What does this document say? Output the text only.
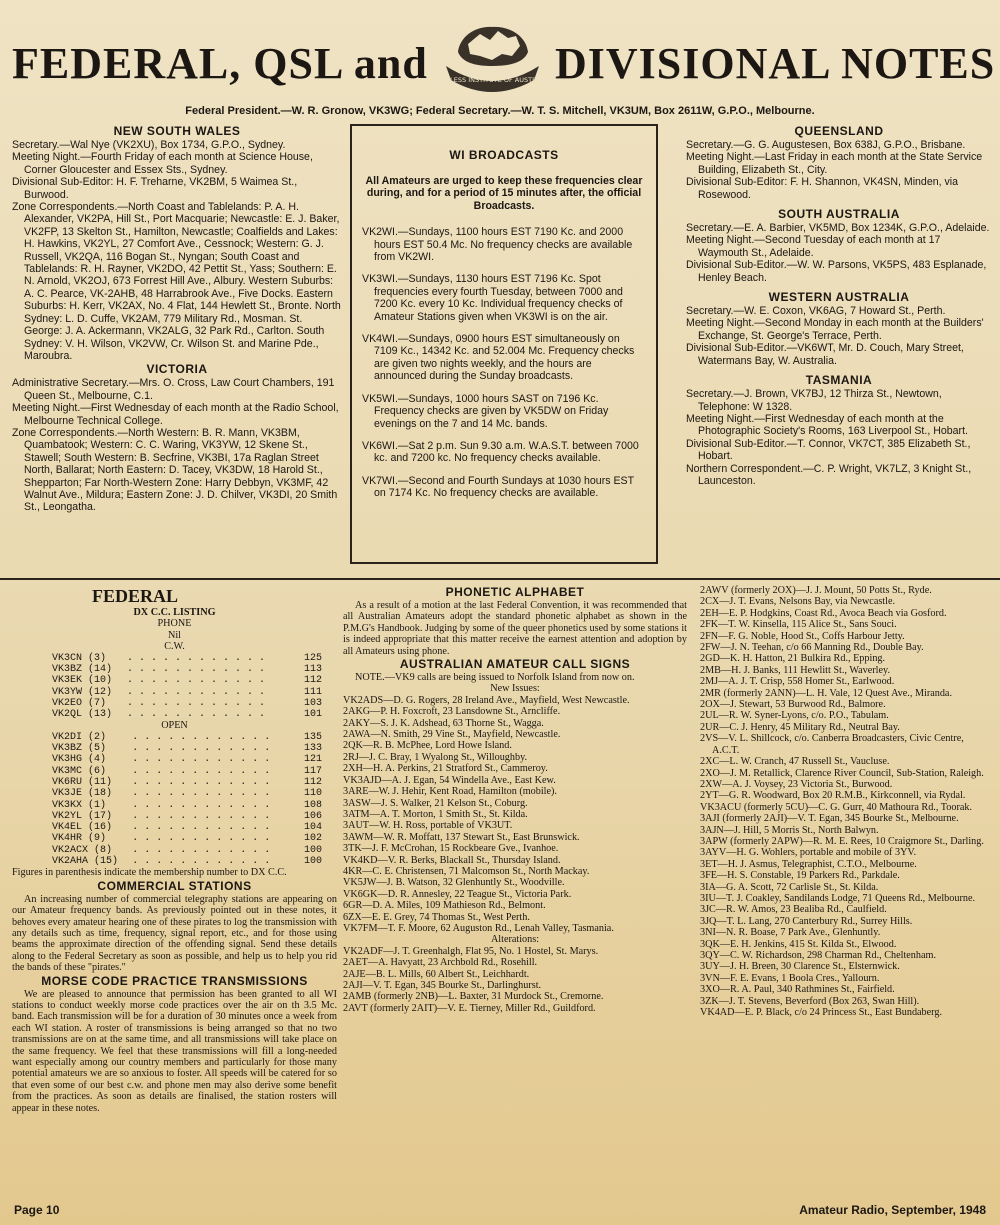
FEDERAL, QSL and WIRELESS INSTITUTE OF AUSTRALIA DIVISIONAL NOTES
Federal President.—W. R. Gronow, VK3WG; Federal Secretary.—W. T. S. Mitchell, VK3UM, Box 2611W, G.P.O., Melbourne.
NEW SOUTH WALES

Secretary.—Wal Nye (VK2XU), Box 1734, G.P.O., Sydney.

Meeting Night.—Fourth Friday of each month at Science House, Corner Gloucester and Essex Sts., Sydney.

Divisional Sub-Editor: H. F. Treharne, VK2BM, 5 Waimea St., Burwood.

Zone Correspondents.—North Coast and Tablelands: P. A. H. Alexander, VK2PA, Hill St., Port Macquarie; Newcastle: E. J. Baker, VK2FP, 13 Skelton St., Hamilton, Newcastle; Coalfields and Lakes: H. Hawkins, VK2YL, 27 Comfort Ave., Cessnock; Western: G. J. Russell, VK2QA, 116 Bogan St., Nyngan; South Coast and Tablelands: R. H. Rayner, VK2DO, 42 Pettit St., Yass; Southern: E. N. Arnold, VK2OJ, 673 Forrest Hill Ave., Albury. Western Suburbs: A. C. Pearce, VK-2AHB, 48 Harrabrook Ave., Five Docks. Eastern Suburbs: H. Kerr, VK2AX, No. 4 Flat, 144 Hewlett St., Bronte. North Sydney: L. D. Cuffe, VK2AM, 779 Military Rd., Mosman. St. George: J. A. Ackermann, VK2ALG, 32 Park Rd., Carlton. South Sydney: V. H. Wilson, VK2VW, Cr. Wilson St. and Marine Pde., Maroubra.

VICTORIA

Administrative Secretary.—Mrs. O. Cross, Law Court Chambers, 191 Queen St., Melbourne, C.1.

Meeting Night.—First Wednesday of each month at the Radio School, Melbourne Technical College.

Zone Correspondents.—North Western: B. R. Mann, VK3BM, Quambatook; Western: C. C. Waring, VK3YW, 12 Skene St., Stawell; South Western: B. Secfrine, VK3BI, 17a Raglan Street North, Ballarat; North Eastern: D. Tacey, VK3DW, 18 Harold St., Shepparton; Far North-Western Zone: Harry Debbyn, VK3MF, 42 Walnut Ave., Mildura; Eastern Zone: J. D. Chilver, VK3DI, 20 Smith St., Leongatha.

WI BROADCASTS

All Amateurs are urged to keep these frequencies clear during, and for a period of 15 minutes after, the official Broadcasts.

VK2WI.—Sundays, 1100 hours EST 7190 Kc. and 2000 hours EST 50.4 Mc. No frequency checks are available from VK2WI.

VK3WI.—Sundays, 1130 hours EST 7196 Kc. Spot frequencies every fourth Tuesday, between 7000 and 7200 Kc. every 10 Kc. Individual frequency checks of Amateur Stations given when VK3WI is on the air.

VK4WI.—Sundays, 0900 hours EST simultaneously on 7109 Kc., 14342 Kc. and 52.004 Mc. Frequency checks are given two nights weekly, and the hours are announced during the Sunday broadcasts.

VK5WI.—Sundays, 1000 hours SAST on 7196 Kc. Frequency checks are given by VK5DW on Friday evenings on the 7 and 14 Mc. bands.

VK6WI.—Sat 2 p.m. Sun 9.30 a.m. W.A.S.T. between 7000 kc. and 7200 kc. No frequency checks available.

VK7WI.—Second and Fourth Sundays at 1030 hours EST on 7174 Kc. No frequency checks are available.

QUEENSLAND

Secretary.—G. G. Augustesen, Box 638J, G.P.O., Brisbane.

Meeting Night.—Last Friday in each month at the State Service Building, Elizabeth St., City.

Divisional Sub-Editor: F. H. Shannon, VK4SN, Minden, via Rosewood.

SOUTH AUSTRALIA

Secretary.—E. A. Barbier, VK5MD, Box 1234K, G.P.O., Adelaide.

Meeting Night.—Second Tuesday of each month at 17 Waymouth St., Adelaide.

Divisional Sub-Editor.—W. W. Parsons, VK5PS, 483 Esplanade, Henley Beach.

WESTERN AUSTRALIA

Secretary.—W. E. Coxon, VK6AG, 7 Howard St., Perth.

Meeting Night.—Second Monday in each month at the Builders' Exchange, St. George's Terrace, Perth.

Divisional Sub-Editor.—VK6WT, Mr. D. Couch, Mary Street, Watermans Bay, W. Australia.

TASMANIA

Secretary.—J. Brown, VK7BJ, 12 Thirza St., Newtown, Telephone: W 1328.

Meeting Night.—First Wednesday of each month at the Photographic Society's Rooms, 163 Liverpool St., Hobart.

Divisional Sub-Editor.—T. Connor, VK7CT, 385 Elizabeth St., Hobart.

Northern Correspondent.—C. P. Wright, VK7LZ, 3 Knight St., Launceston.

FEDERAL
DX C.C. LISTING
PHONE
Nil
C.W.
VK3CN (3)	. . . . . . . . . . . .	125
VK3BZ (14)	. . . . . . . . . . . .	113
VK3EK (10)	. . . . . . . . . . . .	112
VK3YW (12)	. . . . . . . . . . . .	111
VK2EO (7)	. . . . . . . . . . . .	103
VK2QL (13)	. . . . . . . . . . . .	101
OPEN
VK2DI (2)	. . . . . . . . . . . .	135
VK3BZ (5)	. . . . . . . . . . . .	133
VK3HG (4)	. . . . . . . . . . . .	121
VK3MC (6)	. . . . . . . . . . . .	117
VK6RU (11)	. . . . . . . . . . . .	112
VK3JE (18)	. . . . . . . . . . . .	110
VK3KX (1)	. . . . . . . . . . . .	108
VK2YL (17)	. . . . . . . . . . . .	106
VK4EL (16)	. . . . . . . . . . . .	104
VK4HR (9)	. . . . . . . . . . . .	102
VK2ACX (8)	. . . . . . . . . . . .	100
VK2AHA (15)	. . . . . . . . . . . .	100

Figures in parenthesis indicate the membership number to DX C.C.

COMMERCIAL STATIONS

An increasing number of commercial telegraphy stations are appearing on our Amateur frequency bands. As previously pointed out in these notes, it behoves every amateur hearing one of these pirates to log the transmission with any details such as time, frequency, signal report, etc., and for those using beams the approximate direction of the offending signal. Send these details along to the Federal Secretary as soon as possible, and help us to help you rid the bands of these "pirates."

MORSE CODE PRACTICE TRANSMISSIONS

We are pleased to announce that permission has been granted to all WI stations to conduct weekly morse code practices over the air on th 3.5 Mc. band. Each transmission will be for a duration of 30 minutes once a week from each WI station. A roster of transmissions is being arranged so that no two transmissions are on at the same time, and all transmissions will take place on the same frequency. We feel that these transmissions will fill a long-needed want especially among our country members and particularly for those many potential amateurs we are so anxious to foster. All speeds will be catered for so that even some of our best c.w. and phone men may also derive some benefit from the practices. As soon as details are finalised, the station rosters will appear in these notes.

PHONETIC ALPHABET

As a result of a motion at the last Federal Convention, it was recommended that all Australian Amateurs adopt the standard phonetic alphabet as shown in the P.M.G's Handbook. Judging by some of the queer phonetics used by some stations it is indeed appropriate that this matter receive the earnest attention and adoption by all Amateurs using phone.

AUSTRALIAN AMATEUR CALL SIGNS

NOTE.—VK9 calls are being issued to Norfolk Island from now on.

New Issues:

VK2ADS—D. G. Rogers, 28 Ireland Ave., Mayfield, West Newcastle.

2AKG—P. H. Foxcroft, 23 Lansdowne St., Arncliffe.

2AKY—S. J. K. Adshead, 63 Thorne St., Wagga.

2AWA—N. Smith, 29 Vine St., Mayfield, Newcastle.

2QK—R. B. McPhee, Lord Howe Island.

2RJ—J. C. Bray, 1 Wyalong St., Willoughby.

2XH—H. A. Perkins, 21 Stratford St., Cammeroy.

VK3AJD—A. J. Egan, 54 Windella Ave., East Kew.

3ARE—W. J. Hehir, Kent Road, Hamilton (mobile).

3ASW—J. S. Walker, 21 Kelson St., Coburg.

3ATM—A. T. Morton, 1 Smith St., St. Kilda.

3AUT—W. H. Ross, portable of VK3UT.

3AWM—W. R. Moffatt, 137 Stewart St., East Brunswick.

3TK—J. F. McCrohan, 15 Rockbeare Gve., Ivanhoe.

VK4KD—V. R. Berks, Blackall St., Thursday Island.

4KR—C. E. Christensen, 71 Malcomson St., North Mackay.

VK5JW—J. B. Watson, 32 Glenhuntly St., Woodville.

VK6GK—D. R. Annesley, 22 Teague St., Victoria Park.

6GR—D. A. Miles, 109 Mathieson Rd., Belmont.

6ZX—E. E. Grey, 74 Thomas St., West Perth.

VK7FM—T. F. Moore, 62 Auguston Rd., Lenah Valley, Tasmania.

Alterations:

VK2ADF—J. T. Greenhalgh, Flat 95, No. 1 Hostel, St. Marys.

2AET—A. Havyatt, 23 Archbold Rd., Rosehill.

2AJE—B. L. Mills, 60 Albert St., Leichhardt.

2AJI—V. T. Egan, 345 Bourke St., Darlinghurst.

2AMB (formerly 2NB)—L. Baxter, 31 Murdock St., Cremorne.

2AVT (formerly 2AIT)—V. E. Tierney, Miller Rd., Guildford.

2AWV (formerly 2OX)—J. J. Mount, 50 Potts St., Ryde.

2CX—J. T. Evans, Nelsons Bay, via Newcastle.

2EH—E. P. Hodgkins, Coast Rd., Avoca Beach via Gosford.

2FK—T. W. Kinsella, 115 Alice St., Sans Souci.

2FN—F. G. Noble, Hood St., Coffs Harbour Jetty.

2FW—J. N. Teehan, c/o 66 Manning Rd., Double Bay.

2GD—K. H. Hatton, 21 Bulkira Rd., Epping.

2MB—H. J. Banks, 111 Hewlitt St., Waverley.

2MJ—A. J. T. Crisp, 558 Homer St., Earlwood.

2MR (formerly 2ANN)—L. H. Vale, 12 Quest Ave., Miranda.

2OX—J. Stewart, 53 Burwood Rd., Balmore.

2UL—R. W. Syner-Lyons, c/o. P.O., Tabulam.

2UR—C. J. Henry, 45 Military Rd., Neutral Bay.

2VS—V. L. Shillcock, c/o. Canberra Broadcasters, Civic Centre, A.C.T.

2XC—L. W. Cranch, 47 Russell St., Vaucluse.

2XO—J. M. Retallick, Clarence River Council, Sub-Station, Raleigh.

2XW—A. J. Voysey, 23 Victoria St., Burwood.

2YT—G. R. Woodward, Box 20 R.M.B., Kirkconnell, via Rydal.

VK3ACU (formerly 5CU)—C. G. Gurr, 40 Mathoura Rd., Toorak.

3AJI (formerly 2AJI)—V. T. Egan, 345 Bourke St., Melbourne.

3AJN—J. Hill, 5 Morris St., North Balwyn.

3APW (formerly 2APW)—R. M. E. Rees, 10 Craigmore St., Darling.

3AYV—H. G. Wohlers, portable and mobile of 3YV.

3ET—H. J. Asmus, Telegraphist, C.T.O., Melbourne.

3FE—H. S. Constable, 19 Parkers Rd., Parkdale.

3IA—G. A. Scott, 72 Carlisle St., St. Kilda.

3IU—T. J. Coakley, Sandilands Lodge, 71 Queens Rd., Melbourne.

3JC—R. W. Amos, 23 Bealiba Rd., Caulfield.

3JQ—T. L. Lang, 270 Canterbury Rd., Surrey Hills.

3NI—N. R. Boase, 7 Park Ave., Glenhuntly.

3QK—E. H. Jenkins, 415 St. Kilda St., Elwood.

3QY—C. W. Richardson, 298 Charman Rd., Cheltenham.

3UY—J. H. Breen, 30 Clarence St., Elsternwick.

3VN—F. E. Evans, 1 Boola Cres., Yallourn.

3XO—R. A. Paul, 340 Rathmines St., Fairfield.

3ZK—J. T. Stevens, Beverford (Box 263, Swan Hill).

VK4AD—E. P. Black, c/o 24 Princess St., East Bundaberg.

Page 10	Amateur Radio, September, 1948
